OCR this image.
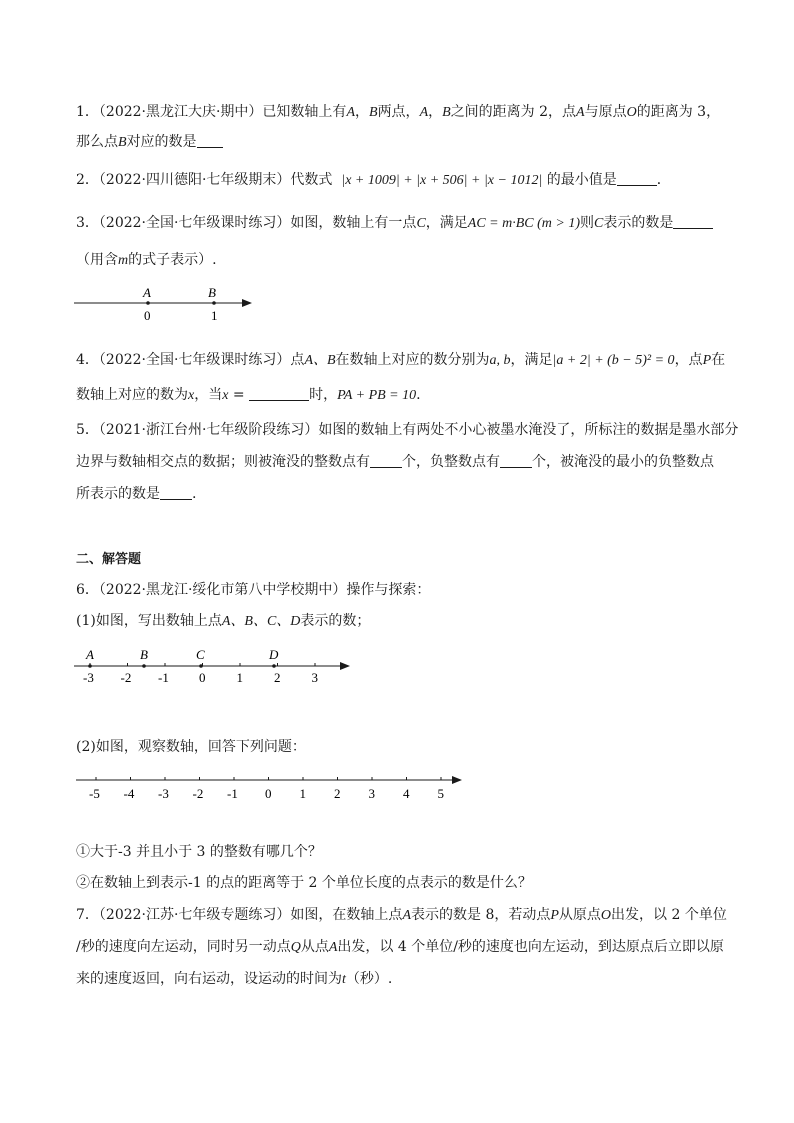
1．（2022·黑龙江大庆·期中）已知数轴上有A，B两点，A，B之间的距离为 2，点A与原点O的距离为 3，
那么点B对应的数是
2．（2022·四川德阳·七年级期末）代数式 |x + 1009| + |x + 506| + |x − 1012| 的最小值是	．
3．（2022·全国·七年级课时练习）如图，数轴上有一点C，满足AC = m·BC (m > 1)则C表示的数是
（用含m的式子表示）.
A	B
0	1
4．（2022·全国·七年级课时练习）点A、B在数轴上对应的数分别为a, b，满足|a + 2| + (b − 5)² = 0，点P在
数轴上对应的数为x，当x =	时，PA + PB = 10.
5．（2021·浙江台州·七年级阶段练习）如图的数轴上有两处不小心被墨水淹没了，所标注的数据是墨水部分
边界与数轴相交点的数据；则被淹没的整数点有 个，负整数点有 个，被淹没的最小的负整数点
所表示的数是 .
二、解答题
6．（2022·黑龙江·绥化市第八中学校期中）操作与探索：
(1)如图，写出数轴上点A、B、C、D表示的数；
-3 -2 -1 0 1 2 3
A	B	C	D
(2)如图，观察数轴，回答下列问题：
-5 -4 -3 -2 -1 0 1 2 3 4 5
①大于-3 并且小于 3 的整数有哪几个？
②在数轴上到表示-1 的点的距离等于 2 个单位长度的点表示的数是什么？
7．（2022·江苏·七年级专题练习）如图，在数轴上点A表示的数是 8，若动点P从原点O出发，以 2 个单位
/秒的速度向左运动，同时另一动点Q从点A出发，以 4 个单位/秒的速度也向左运动，到达原点后立即以原
来的速度返回，向右运动，设运动的时间为t（秒）.
